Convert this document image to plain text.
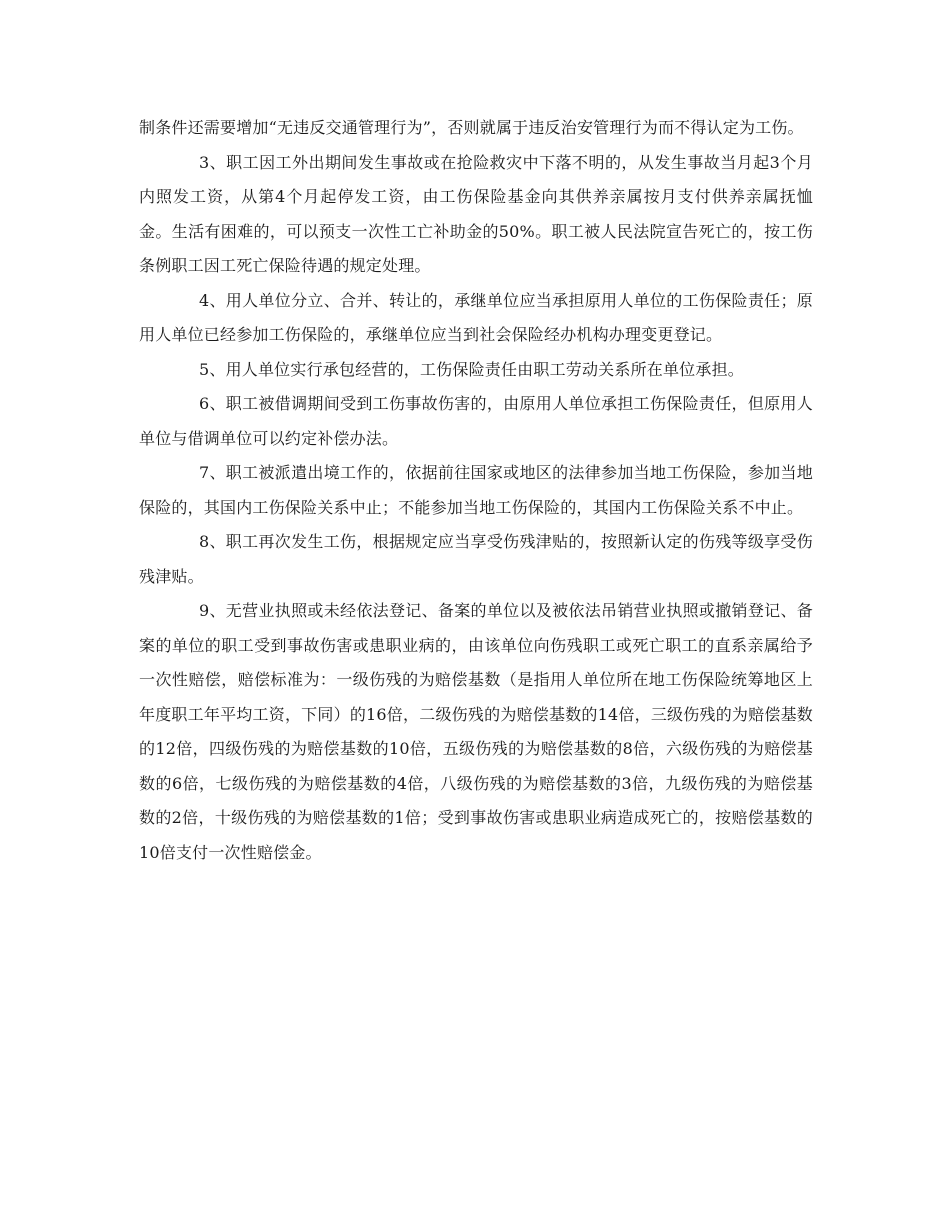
制条件还需要增加“无违反交通管理行为”，否则就属于违反治安管理行为而不得认定为工伤。

3、职工因工外出期间发生事故或在抢险救灾中下落不明的，从发生事故当月起3个月内照发工资，从第4个月起停发工资，由工伤保险基金向其供养亲属按月支付供养亲属抚恤金。生活有困难的，可以预支一次性工亡补助金的50%。职工被人民法院宣告死亡的，按工伤条例职工因工死亡保险待遇的规定处理。

4、用人单位分立、合并、转让的，承继单位应当承担原用人单位的工伤保险责任；原用人单位已经参加工伤保险的，承继单位应当到社会保险经办机构办理变更登记。

5、用人单位实行承包经营的，工伤保险责任由职工劳动关系所在单位承担。

6、职工被借调期间受到工伤事故伤害的，由原用人单位承担工伤保险责任，但原用人单位与借调单位可以约定补偿办法。

7、职工被派遣出境工作的，依据前往国家或地区的法律参加当地工伤保险，参加当地保险的，其国内工伤保险关系中止；不能参加当地工伤保险的，其国内工伤保险关系不中止。

8、职工再次发生工伤，根据规定应当享受伤残津贴的，按照新认定的伤残等级享受伤残津贴。

9、无营业执照或未经依法登记、备案的单位以及被依法吊销营业执照或撤销登记、备案的单位的职工受到事故伤害或患职业病的，由该单位向伤残职工或死亡职工的直系亲属给予一次性赔偿，赔偿标准为：一级伤残的为赔偿基数（是指用人单位所在地工伤保险统筹地区上年度职工年平均工资，下同）的16倍，二级伤残的为赔偿基数的14倍，三级伤残的为赔偿基数的12倍，四级伤残的为赔偿基数的10倍，五级伤残的为赔偿基数的8倍，六级伤残的为赔偿基数的6倍，七级伤残的为赔偿基数的4倍，八级伤残的为赔偿基数的3倍，九级伤残的为赔偿基数的2倍，十级伤残的为赔偿基数的1倍；受到事故伤害或患职业病造成死亡的，按赔偿基数的10倍支付一次性赔偿金。
